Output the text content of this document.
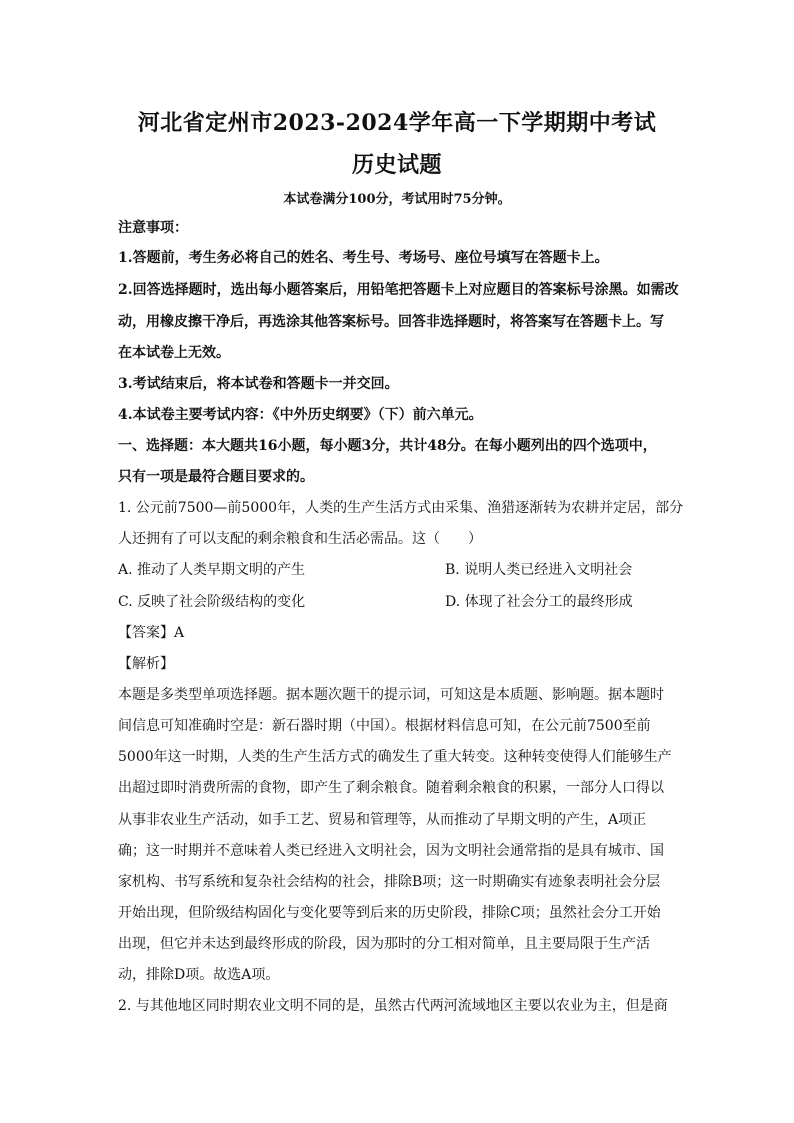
河北省定州市2023-2024学年高一下学期期中考试
历史试题
本试卷满分100分，考试用时75分钟。
注意事项：
1.答题前，考生务必将自己的姓名、考生号、考场号、座位号填写在答题卡上。
2.回答选择题时，选出每小题答案后，用铅笔把答题卡上对应题目的答案标号涂黑。如需改
动，用橡皮擦干净后，再选涂其他答案标号。回答非选择题时，将答案写在答题卡上。写
在本试卷上无效。
3.考试结束后，将本试卷和答题卡一并交回。
4.本试卷主要考试内容：《中外历史纲要》（下）前六单元。
一、选择题：本大题共16小题，每小题3分，共计48分。在每小题列出的四个选项中，
只有一项是最符合题目要求的。
1. 公元前7500—前5000年，人类的生产生活方式由采集、渔猎逐渐转为农耕并定居，部分
人还拥有了可以支配的剩余粮食和生活必需品。这（　　）
A. 推动了人类早期文明的产生	B. 说明人类已经进入文明社会
C. 反映了社会阶级结构的变化	D. 体现了社会分工的最终形成
【答案】A
【解析】
本题是多类型单项选择题。据本题次题干的提示词，可知这是本质题、影响题。据本题时
间信息可知准确时空是：新石器时期（中国）。根据材料信息可知，在公元前7500至前
5000年这一时期，人类的生产生活方式的确发生了重大转变。这种转变使得人们能够生产
出超过即时消费所需的食物，即产生了剩余粮食。随着剩余粮食的积累，一部分人口得以
从事非农业生产活动，如手工艺、贸易和管理等，从而推动了早期文明的产生，A项正
确；这一时期并不意味着人类已经进入文明社会，因为文明社会通常指的是具有城市、国
家机构、书写系统和复杂社会结构的社会，排除B项；这一时期确实有迹象表明社会分层
开始出现，但阶级结构固化与变化要等到后来的历史阶段，排除C项；虽然社会分工开始
出现，但它并未达到最终形成的阶段，因为那时的分工相对简单，且主要局限于生产活
动，排除D项。故选A项。
2. 与其他地区同时期农业文明不同的是，虽然古代两河流域地区主要以农业为主，但是商
